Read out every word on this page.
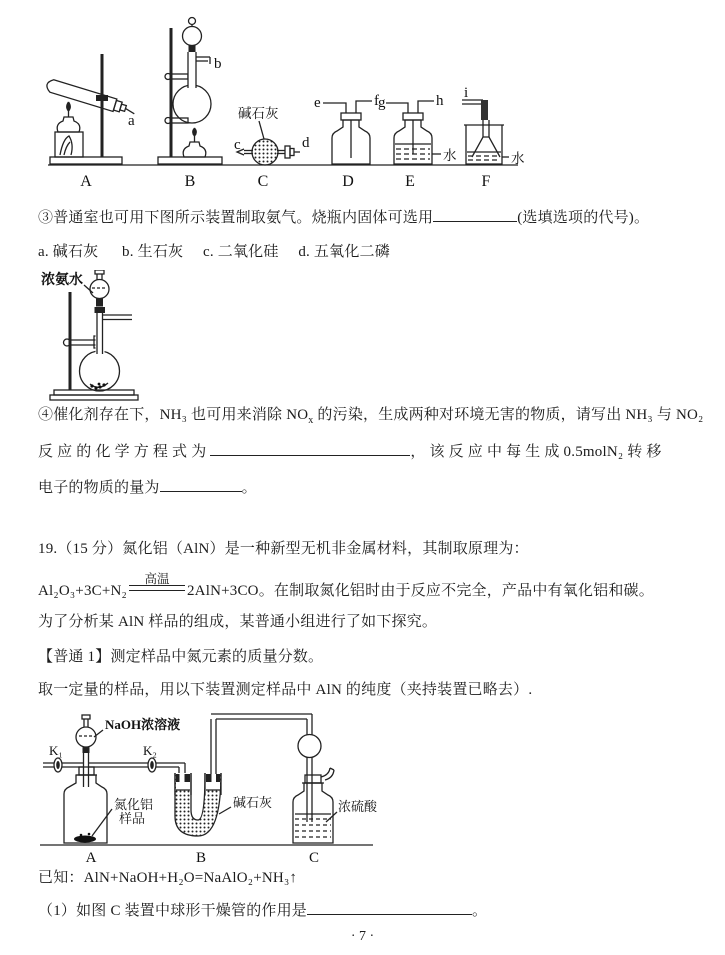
a
b
c	d
e	f g	h i
碱石灰
水	水
A	B	C	D	E	F
浓氨水
K₁	K₂
NaOH浓溶液
氮化铝
样品
碱石灰	浓硫酸
A	B	C
③普通室也可用下图所示装置制取氨气。烧瓶内固体可选用	(选填选项的代号)。
a. 碱石灰      b. 生石灰     c. 二氧化硅     d. 五氧化二磷
④催化剂存在下，NH₃ 也可用来消除 $NO_x$ 的污染，生成两种对环境无害的物质，请写出 NH₃ 与 NO₂
反 应 的 化 学 方 程 式 为	， 该 反 应 中 每 生 成 0.5molN₂ 转 移
电子的物质的量为	。
19.（15 分）氮化铝（AlN）是一种新型无机非金属材料，其制取原理为：
Al₂O₃+3C+N₂
高温
2AlN+3CO。在制取氮化铝时由于反应不完全，产品中有氧化铝和碳。
为了分析某 AlN 样品的组成，某普通小组进行了如下探究。
【普通 1】测定样品中氮元素的质量分数。
取一定量的样品，用以下装置测定样品中 AlN 的纯度（夹持装置已略去）.
已知：AlN+NaOH+H₂O=NaAlO₂+NH₃↑
（1）如图 C 装置中球形干燥管的作用是	。
· 7 ·
